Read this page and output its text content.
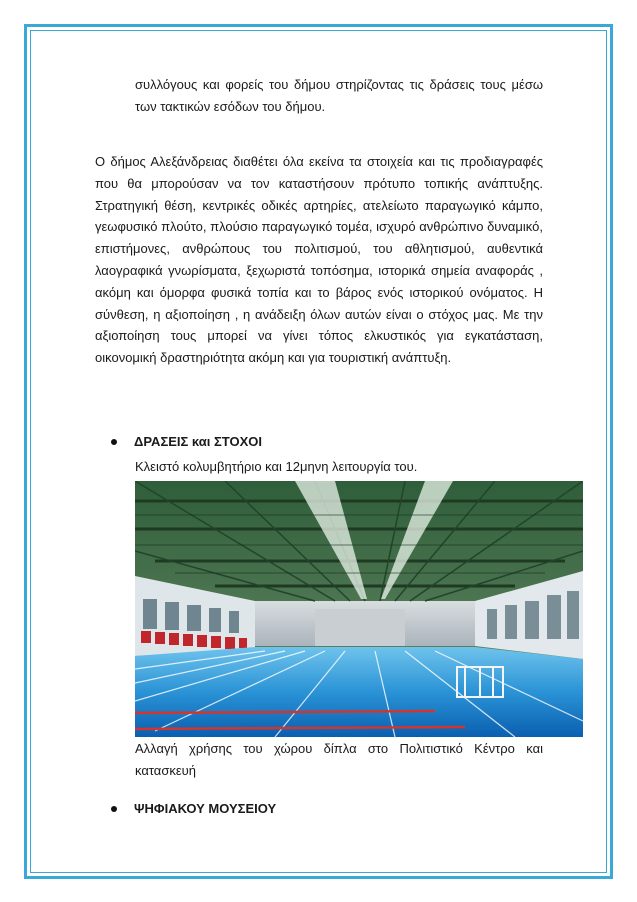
συλλόγους και φορείς του δήμου στηρίζοντας τις δράσεις τους μέσω των τακτικών εσόδων του δήμου.

Ο δήμος Αλεξάνδρειας διαθέτει όλα εκείνα τα στοιχεία και τις προδιαγραφές που θα μπορούσαν να τον καταστήσουν πρότυπο τοπικής ανάπτυξης. Στρατηγική θέση, κεντρικές οδικές αρτηρίες, ατελείωτο παραγωγικό κάμπο, γεωφυσικό πλούτο, πλούσιο παραγωγικό τομέα, ισχυρό ανθρώπινο δυναμικό, επιστήμονες, ανθρώπους του πολιτισμού, του αθλητισμού, αυθεντικά λαογραφικά γνωρίσματα, ξεχωριστά τοπόσημα, ιστορικά σημεία αναφοράς , ακόμη και όμορφα φυσικά τοπία και το βάρος ενός ιστορικού ονόματος. Η σύνθεση, η αξιοποίηση , η ανάδειξη όλων αυτών είναι ο στόχος μας. Με την αξιοποίηση τους μπορεί να γίνει τόπος ελκυστικός για εγκατάσταση, οικονομική δραστηριότητα ακόμη και για τουριστική ανάπτυξη.

ΔΡΑΣΕΙΣ και ΣΤΟΧΟΙ
Κλειστό κολυμβητήριο και 12μηνη λειτουργία του.

Αλλαγή χρήσης του χώρου δίπλα στο Πολιτιστικό Κέντρο και κατασκευή

ΨΗΦΙΑΚΟΥ ΜΟΥΣΕΙΟΥ
